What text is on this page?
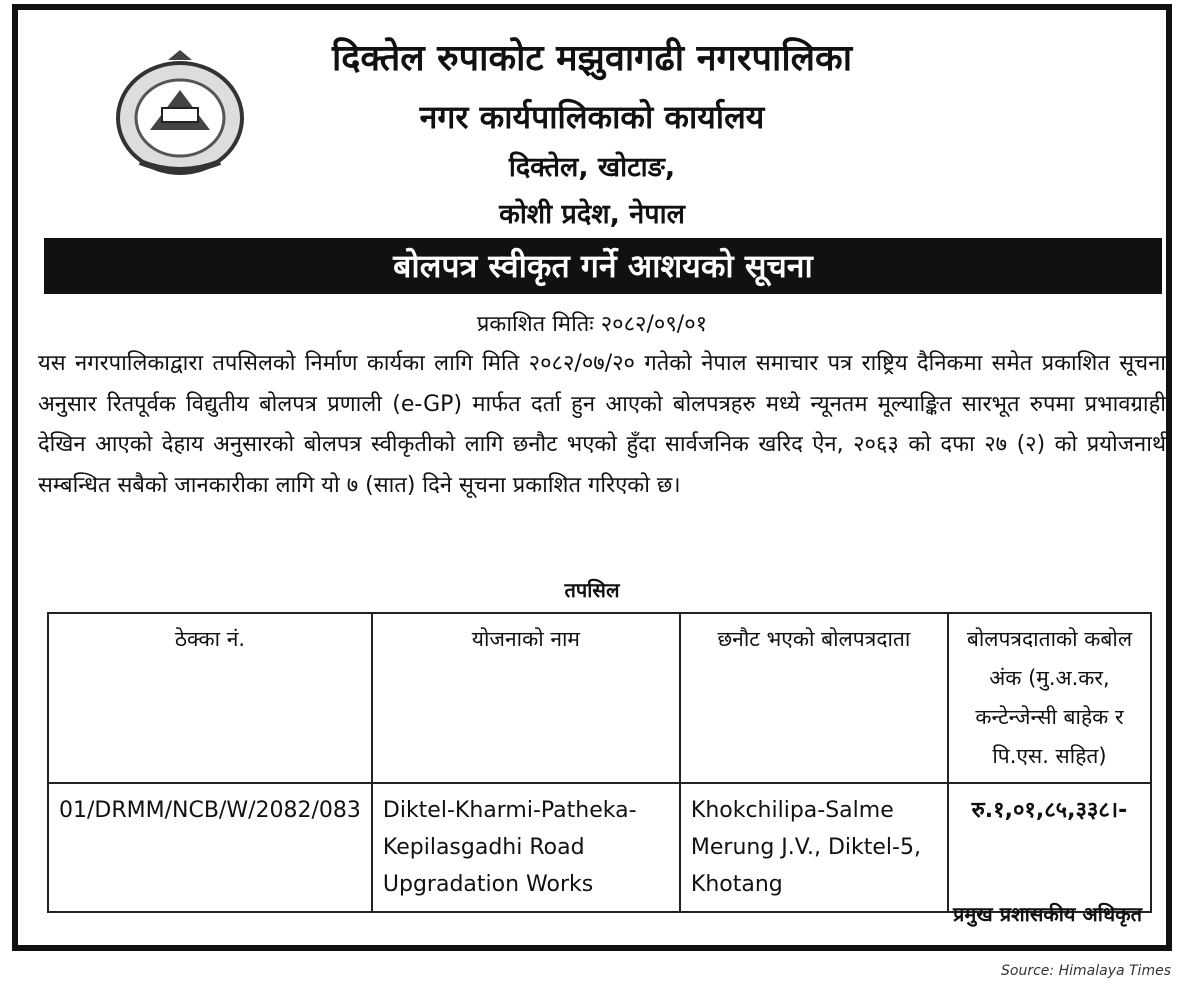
दिक्तेल रुपाकोट मझुवागढी नगरपालिका
नगर कार्यपालिकाको कार्यालय
दिक्तेल, खोटाङ,
कोशी प्रदेश, नेपाल
बोलपत्र स्वीकृत गर्ने आशयको सूचना
प्रकाशित मितिः २०८२/०९/०१
यस नगरपालिकाद्वारा तपसिलको निर्माण कार्यका लागि मिति २०८२/०७/२० गतेको नेपाल समाचार पत्र राष्ट्रिय दैनिकमा समेत प्रकाशित सूचना अनुसार रितपूर्वक विद्युतीय बोलपत्र प्रणाली (e-GP) मार्फत दर्ता हुन आएको बोलपत्रहरु मध्ये न्यूनतम मूल्याङ्कित सारभूत रुपमा प्रभावग्राही देखिन आएको देहाय अनुसारको बोलपत्र स्वीकृतीको लागि छनौट भएको हुँदा सार्वजनिक खरिद ऐन, २०६३ को दफा २७ (२) को प्रयोजनार्थ सम्बन्धित सबैको जानकारीका लागि यो ७ (सात) दिने सूचना प्रकाशित गरिएको छ।
तपसिल
ठेक्का नं.	योजनाको नाम	छनौट भएको बोलपत्रदाता	बोलपत्रदाताको कबोल अंक (मु.अ.कर, कन्टेन्जेन्सी बाहेक र पि.एस. सहित)
01/DRMM/NCB/W/2082/083	Diktel-Kharmi-Patheka-Kepilasgadhi Road Upgradation Works	Khokchilipa-Salme Merung J.V., Diktel-5, Khotang	रु.१,०१,८५,३३८।-
प्रमुख प्रशासकीय अधिकृत
Source: Himalaya Times
